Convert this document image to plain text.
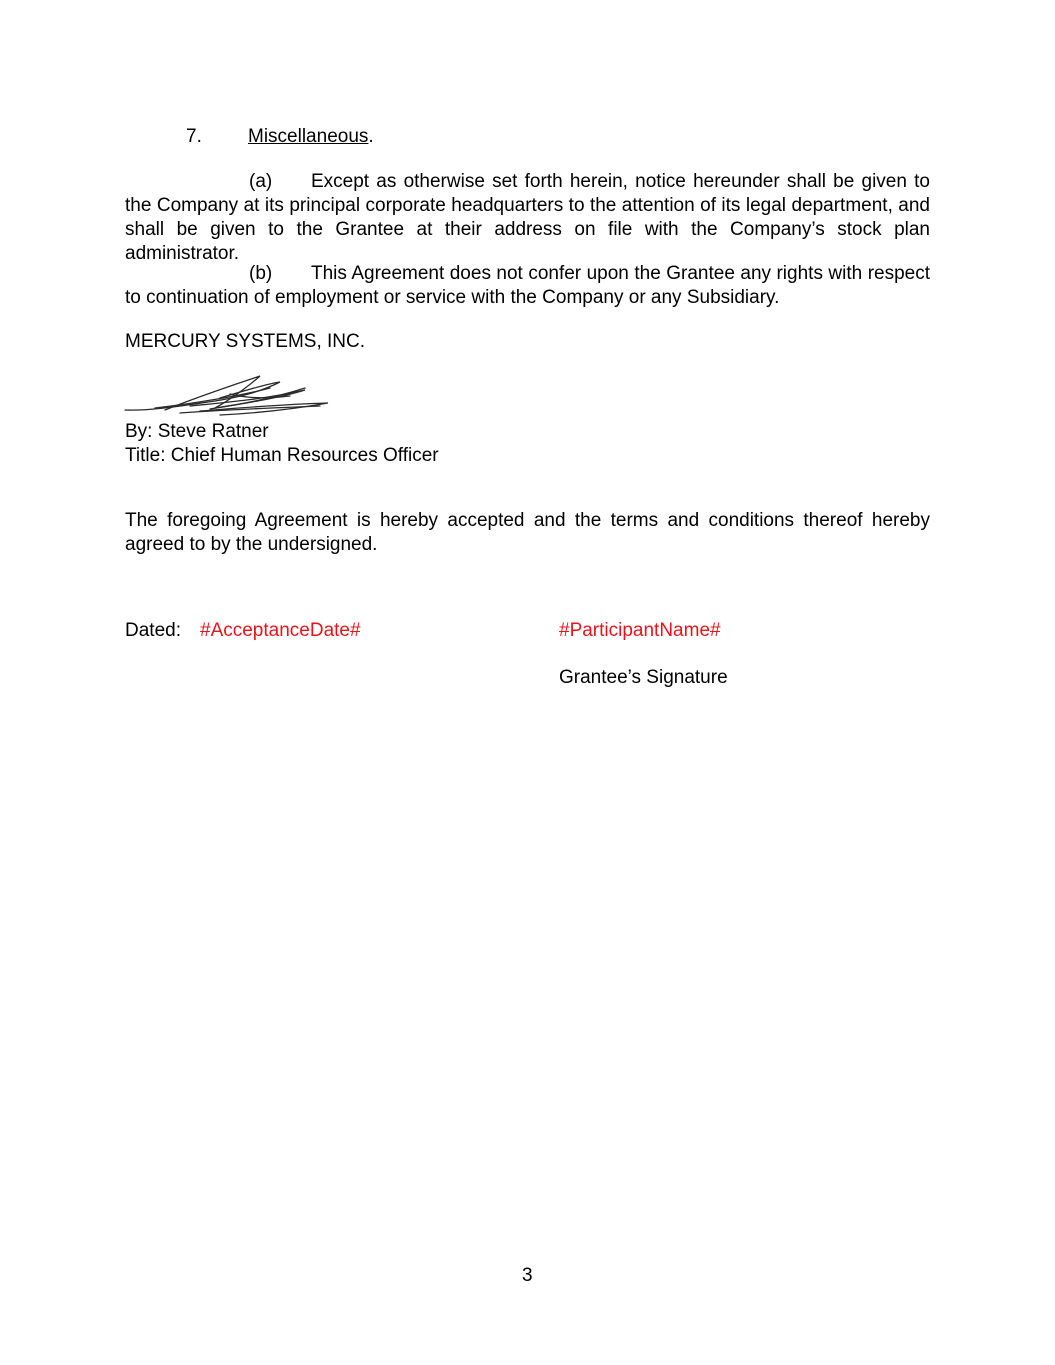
7. Miscellaneous.
(a) Except as otherwise set forth herein, notice hereunder shall be given to the Company at its principal corporate headquarters to the attention of its legal department, and shall be given to the Grantee at their address on file with the Company’s stock plan administrator.
(b) This Agreement does not confer upon the Grantee any rights with respect to continuation of employment or service with the Company or any Subsidiary.
MERCURY SYSTEMS, INC.
By: Steve Ratner
Title: Chief Human Resources Officer
The foregoing Agreement is hereby accepted and the terms and conditions thereof hereby agreed to by the undersigned.
Dated: #AcceptanceDate#	#ParticipantName#
Grantee’s Signature
3
